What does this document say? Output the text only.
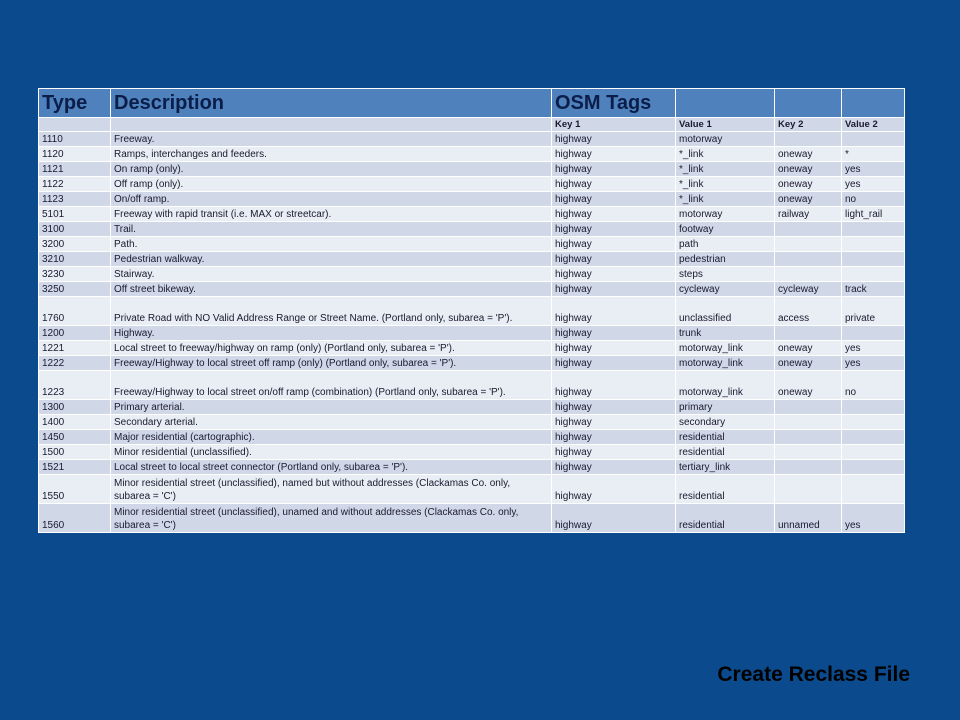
Type	Description	OSM Tags			
		Key 1	Value 1	Key 2	Value 2
1110	Freeway.	highway	motorway		
1120	Ramps, interchanges and feeders.	highway	*_link	oneway	*
1121	On ramp (only).	highway	*_link	oneway	yes
1122	Off ramp (only).	highway	*_link	oneway	yes
1123	On/off ramp.	highway	*_link	oneway	no
5101	Freeway with rapid transit (i.e. MAX or streetcar).	highway	motorway	railway	light_rail
3100	Trail.	highway	footway		
3200	Path.	highway	path		
3210	Pedestrian walkway.	highway	pedestrian		
3230	Stairway.	highway	steps		
3250	Off street bikeway.	highway	cycleway	cycleway	track
1760	Private Road with NO Valid Address Range or Street Name. (Portland only, subarea = 'P').	highway	unclassified	access	private
1200	Highway.	highway	trunk		
1221	Local street to freeway/highway on ramp (only) (Portland only, subarea = 'P').	highway	motorway_link	oneway	yes
1222	Freeway/Highway to local street off ramp (only) (Portland only, subarea = 'P').	highway	motorway_link	oneway	yes
1223	Freeway/Highway to local street on/off ramp (combination) (Portland only, subarea = 'P').	highway	motorway_link	oneway	no
1300	Primary arterial.	highway	primary		
1400	Secondary arterial.	highway	secondary		
1450	Major residential (cartographic).	highway	residential		
1500	Minor residential (unclassified).	highway	residential		
1521	Local street to local street connector (Portland only, subarea = 'P').	highway	tertiary_link		
1550	Minor residential street (unclassified), named but without addresses (Clackamas Co. only, subarea = 'C')	highway	residential		
1560	Minor residential street (unclassified), unamed and without addresses (Clackamas Co. only, subarea = 'C')	highway	residential	unnamed	yes
Create Reclass File
